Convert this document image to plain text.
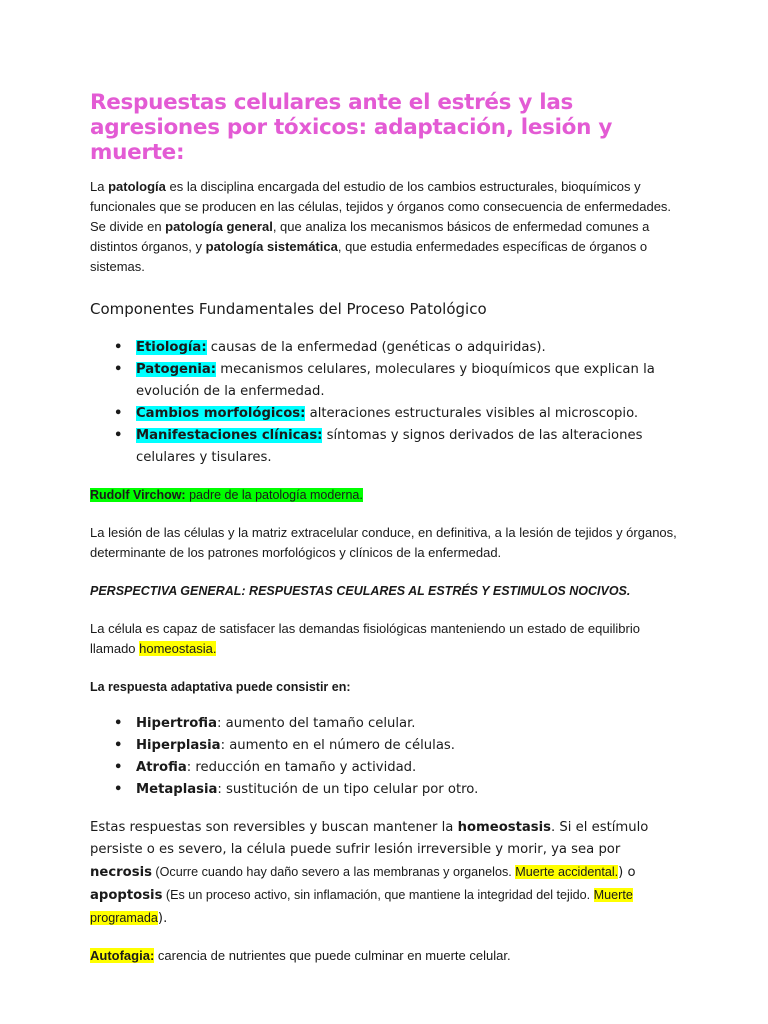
Respuestas celulares ante el estrés y las agresiones por tóxicos: adaptación, lesión y muerte:

La patología es la disciplina encargada del estudio de los cambios estructurales, bioquímicos y funcionales que se producen en las células, tejidos y órganos como consecuencia de enfermedades. Se divide en patología general, que analiza los mecanismos básicos de enfermedad comunes a distintos órganos, y patología sistemática, que estudia enfermedades específicas de órganos o sistemas.

Componentes Fundamentales del Proceso Patológico
• Etiología: causas de la enfermedad (genéticas o adquiridas).
• Patogenia: mecanismos celulares, moleculares y bioquímicos que explican la evolución de la enfermedad.
• Cambios morfológicos: alteraciones estructurales visibles al microscopio.
• Manifestaciones clínicas: síntomas y signos derivados de las alteraciones celulares y tisulares.

Rudolf Virchow: padre de la patología moderna.

La lesión de las células y la matriz extracelular conduce, en definitiva, a la lesión de tejidos y órganos, determinante de los patrones morfológicos y clínicos de la enfermedad.

PERSPECTIVA GENERAL: RESPUESTAS CEULARES AL ESTRÉS Y ESTIMULOS NOCIVOS.

La célula es capaz de satisfacer las demandas fisiológicas manteniendo un estado de equilibrio llamado homeostasia.

La respuesta adaptativa puede consistir en:

• Hipertrofia: aumento del tamaño celular.
• Hiperplasia: aumento en el número de células.
• Atrofia: reducción en tamaño y actividad.
• Metaplasia: sustitución de un tipo celular por otro.

Estas respuestas son reversibles y buscan mantener la homeostasis. Si el estímulo persiste o es severo, la célula puede sufrir lesión irreversible y morir, ya sea por necrosis (Ocurre cuando hay daño severo a las membranas y organelos. Muerte accidental.) o apoptosis (Es un proceso activo, sin inflamación, que mantiene la integridad del tejido. Muerte programada).

Autofagia: carencia de nutrientes que puede culminar en muerte celular.
